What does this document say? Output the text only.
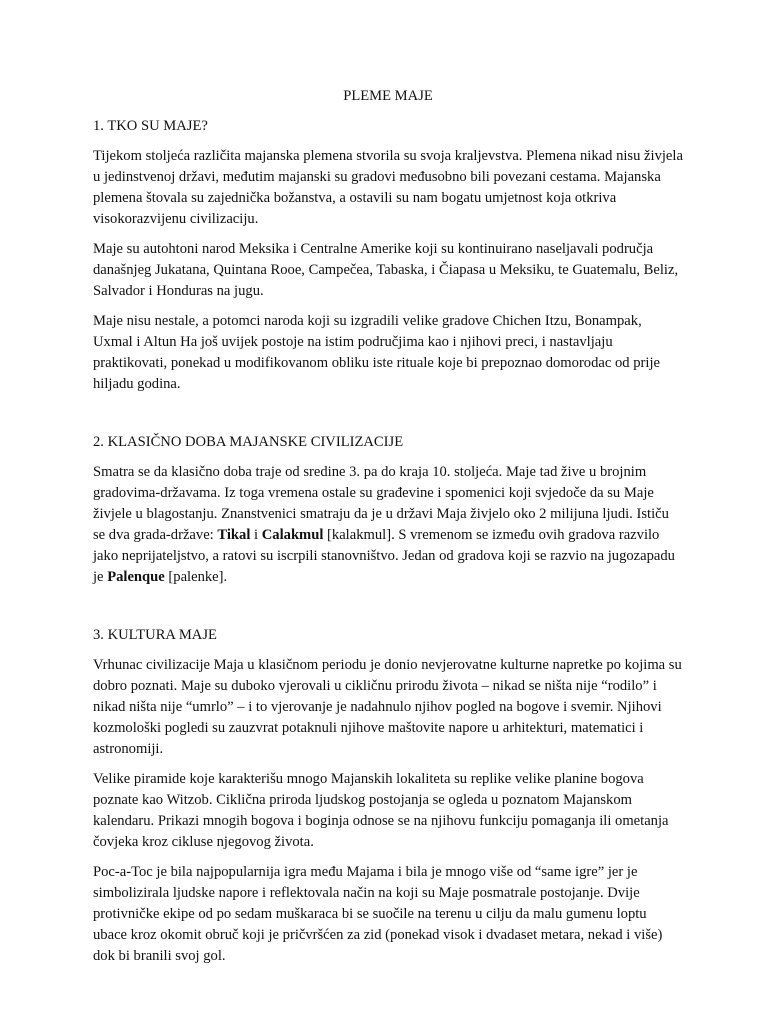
PLEME MAJE
1. TKO SU MAJE?

Tijekom stoljeća različita majanska plemena stvorila su svoja kraljevstva. Plemena nikad nisu živjela u jedinstvenoj državi, međutim majanski su gradovi međusobno bili povezani cestama. Majanska plemena štovala su zajednička božanstva, a ostavili su nam bogatu umjetnost koja otkriva visokorazvijenu civilizaciju.

Maje su autohtoni narod Meksika i Centralne Amerike koji su kontinuirano naseljavali područja današnjeg Jukatana, Quintana Rooe, Campečea, Tabaska, i Čiapasa u Meksiku, te Guatemalu, Beliz, Salvador i Honduras na jugu.

Maje nisu nestale, a potomci naroda koji su izgradili velike gradove Chichen Itzu, Bonampak, Uxmal i Altun Ha još uvijek postoje na istim područjima kao i njihovi preci, i nastavljaju praktikovati, ponekad u modifikovanom obliku iste rituale koje bi prepoznao domorodac od prije hiljadu godina.

2. KLASIČNO DOBA MAJANSKE CIVILIZACIJE

Smatra se da klasično doba traje od sredine 3. pa do kraja 10. stoljeća. Maje tad žive u brojnim gradovima-državama. Iz toga vremena ostale su građevine i spomenici koji svjedoče da su Maje živjele u blagostanju. Znanstvenici smatraju da je u državi Maja živjelo oko 2 milijuna ljudi. Ističu se dva grada-države: Tikal i Calakmul [kalakmul]. S vremenom se između ovih gradova razvilo jako neprijateljstvo, a ratovi su iscrpili stanovništvo. Jedan od gradova koji se razvio na jugozapadu je Palenque [palenke].

3. KULTURA MAJE

Vrhunac civilizacije Maja u klasičnom periodu je donio nevjerovatne kulturne napretke po kojima su dobro poznati. Maje su duboko vjerovali u cikličnu prirodu života – nikad se ništa nije “rodilo” i nikad ništa nije “umrlo” – i to vjerovanje je nadahnulo njihov pogled na bogove i svemir. Njihovi kozmološki pogledi su zauzvrat potaknuli njihove maštovite napore u arhitekturi, matematici i astronomiji.

Velike piramide koje karakterišu mnogo Majanskih lokaliteta su replike velike planine bogova poznate kao Witzob. Ciklična priroda ljudskog postojanja se ogleda u poznatom Majanskom kalendaru. Prikazi mnogih bogova i boginja odnose se na njihovu funkciju pomaganja ili ometanja čovjeka kroz cikluse njegovog života.

Poc-a-Toc je bila najpopularnija igra među Majama i bila je mnogo više od “same igre” jer je simbolizirala ljudske napore i reflektovala način na koji su Maje posmatrale postojanje. Dvije protivničke ekipe od po sedam muškaraca bi se suočile na terenu u cilju da malu gumenu loptu ubace kroz okomit obruč koji je pričvršćen za zid (ponekad visok i dvadaset metara, nekad i više) dok bi branili svoj gol.
